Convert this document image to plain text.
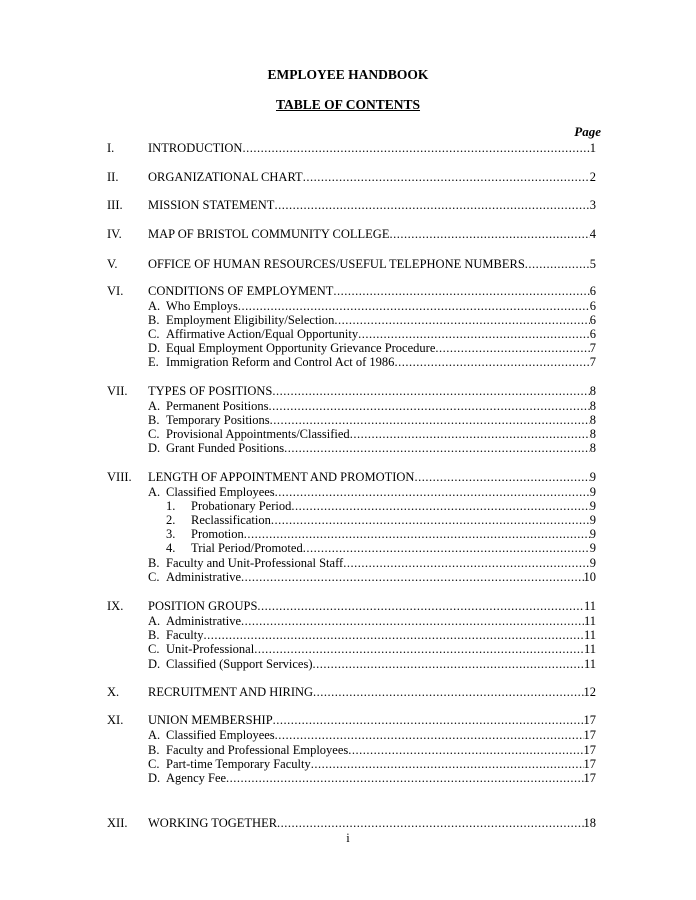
EMPLOYEE HANDBOOK
TABLE OF CONTENTS
Page
I.	INTRODUCTION .....	1
II. ORGANIZATIONAL CHART .....	2
III. MISSION STATEMENT .....	3
IV. MAP OF BRISTOL COMMUNITY COLLEGE .....	4
V. OFFICE OF HUMAN RESOURCES/USEFUL TELEPHONE NUMBERS .....	5
VI. CONDITIONS OF EMPLOYMENT .....	6
A. Who Employs .....	6
B. Employment Eligibility/Selection .....	6
C. Affirmative Action/Equal Opportunity .....	6
D. Equal Employment Opportunity Grievance Procedure .....	7
E. Immigration Reform and Control Act of 1986 .....	7
VII. TYPES OF POSITIONS .....	8
A. Permanent Positions .....	8
B. Temporary Positions .....	8
C. Provisional Appointments/Classified .....	8
D. Grant Funded Positions .....	8
VIII. LENGTH OF APPOINTMENT AND PROMOTION .....	9
A. Classified Employees .....	9
1. Probationary Period .....	9
2. Reclassification .....	9
3. Promotion .....	9
4. Trial Period/Promoted .....	9
B. Faculty and Unit-Professional Staff .....	9
C. Administrative .....	10
IX. POSITION GROUPS .....	11
A. Administrative .....	11
B. Faculty .....	11
C. Unit-Professional .....	11
D. Classified (Support Services) .....	11
X. RECRUITMENT AND HIRING .....	12
XI. UNION MEMBERSHIP .....	17
A. Classified Employees .....	17
B. Faculty and Professional Employees .....	17
C. Part-time Temporary Faculty .....	17
D. Agency Fee .....	17
XII. WORKING TOGETHER .....	18
i
